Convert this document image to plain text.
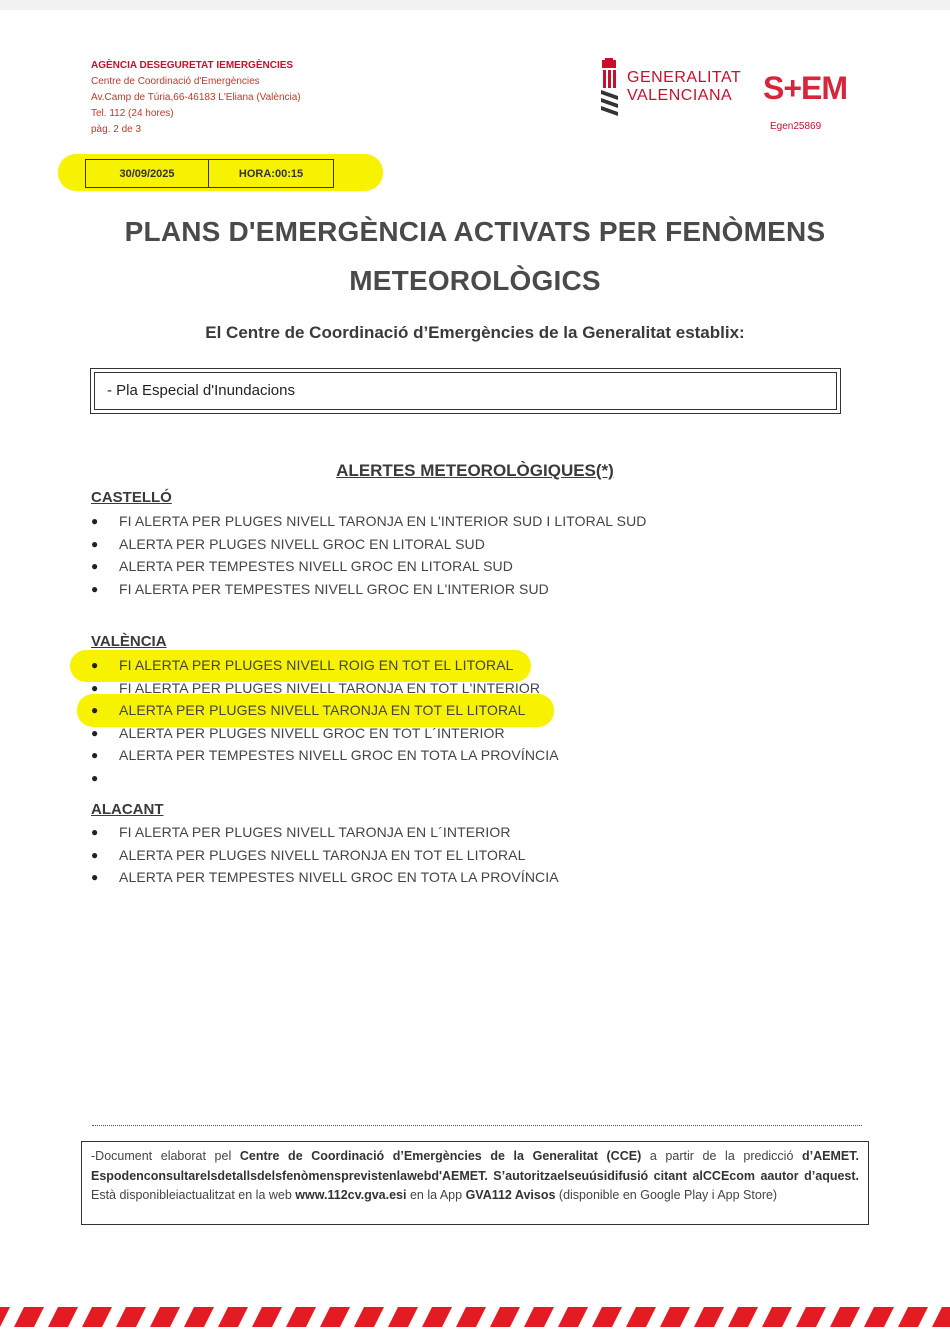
AGÈNCIA DESEGURETAT IEMERGÈNCIES
Centre de Coordinació d'Emergències
Av.Camp de Túria,66-46183 L'Eliana (València)
Tel. 112 (24 hores)
pàg. 2 de 3
GENERALITAT
VALENCIANA S+EM
Egen25869
30/09/2025	HORA:00:15
PLANS D'EMERGÈNCIA ACTIVATS PER FENÒMENS
METEOROLÒGICS
El Centre de Coordinació d’Emergències de la Generalitat establix:
- Pla Especial d'Inundacions
ALERTES METEOROLÒGIQUES(*)
CASTELLÓ
● FI ALERTA PER PLUGES NIVELL TARONJA EN L'INTERIOR SUD I LITORAL SUD
● ALERTA PER PLUGES NIVELL GROC EN LITORAL SUD
● ALERTA PER TEMPESTES NIVELL GROC EN LITORAL SUD
● FI ALERTA PER TEMPESTES NIVELL GROC EN L'INTERIOR SUD
VALÈNCIA
● FI ALERTA PER PLUGES NIVELL ROIG EN TOT EL LITORAL
● FI ALERTA PER PLUGES NIVELL TARONJA EN TOT L'INTERIOR
● ALERTA PER PLUGES NIVELL TARONJA EN TOT EL LITORAL
● ALERTA PER PLUGES NIVELL GROC EN TOT L´INTERIOR
● ALERTA PER TEMPESTES NIVELL GROC EN TOTA LA PROVÍNCIA
●
ALACANT
● FI ALERTA PER PLUGES NIVELL TARONJA EN L´INTERIOR
● ALERTA PER PLUGES NIVELL TARONJA EN TOT EL LITORAL
● ALERTA PER TEMPESTES NIVELL GROC EN TOTA LA PROVÍNCIA
-Document elaborat pel Centre de Coordinació d’Emergències de la Generalitat (CCE) a partir de la predicció d’AEMET. Espodenconsultarelsdetallsdelsfenòmensprevistenlawebd'AEMET. S’autoritzaelseuúsidifusió citant alCCEcom aautor d’aquest. Està disponibleiactualitzat en la web www.112cv.gva.esi en la App GVA112 Avisos (disponible en Google Play i App Store)
